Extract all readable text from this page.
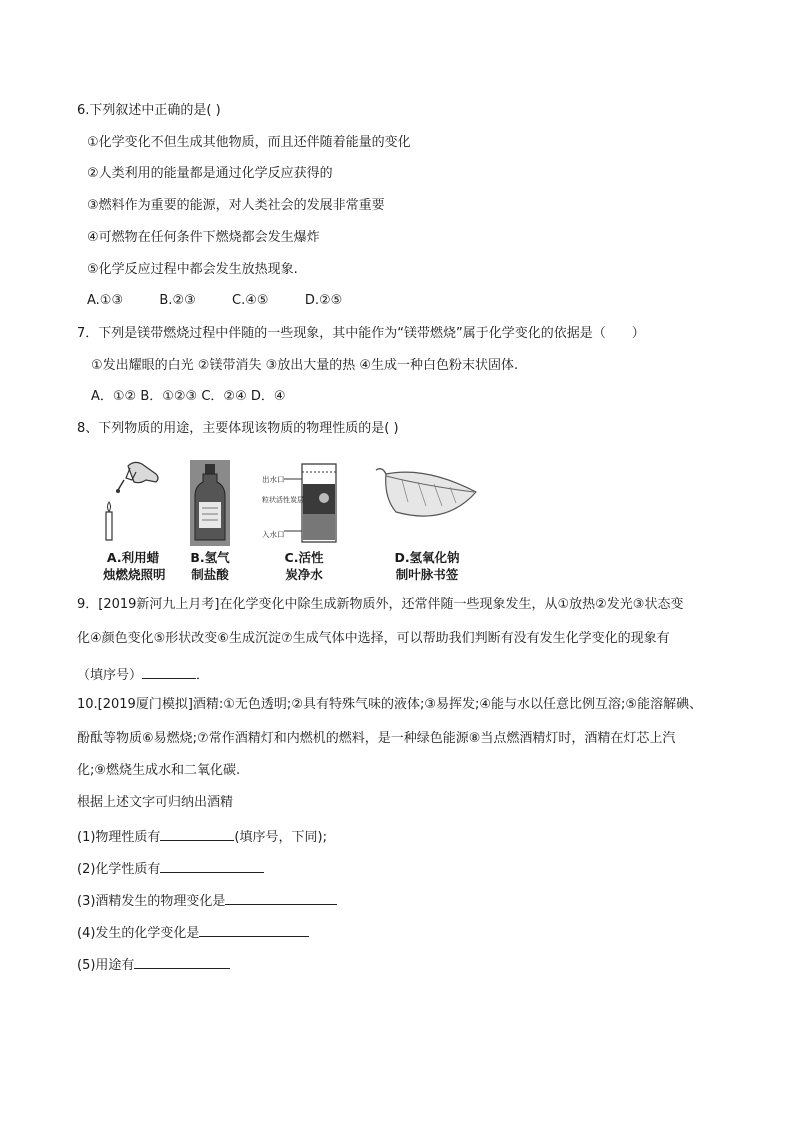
6.下列叙述中正确的是( )
①化学变化不但生成其他物质，而且还伴随着能量的变化
②人类利用的能量都是通过化学反应获得的
③燃料作为重要的能源，对人类社会的发展非常重要
④可燃物在任何条件下燃烧都会发生爆炸
⑤化学反应过程中都会发生放热现象.
A.①③	B.②③	C.④⑤	D.②⑤
7．下列是镁带燃烧过程中伴随的一些现象，其中能作为“镁带燃烧”属于化学变化的依据是（　　）
①发出耀眼的白光 ②镁带消失 ③放出大量的热 ④生成一种白色粉末状固体.
A．①② B．①②③ C．②④ D．④
8、下列物质的用途，主要体现该物质的物理性质的是( )
出水口
粒状活性炭层
入水口
A.利用蜡
烛燃烧照明
B.氢气
制盐酸
C.活性
炭净水
D.氢氧化钠
制叶脉书签
9．[2019新河九上月考]在化学变化中除生成新物质外，还常伴随一些现象发生，从①放热②发光③状态变
化④颜色变化⑤形状改变⑥生成沉淀⑦生成气体中选择，可以帮助我们判断有没有发生化学变化的现象有
（填序号）	．
10.[2019厦门模拟]酒精:①无色透明;②具有特殊气味的液体;③易挥发;④能与水以任意比例互溶;⑤能溶解碘、
酚酞等物质⑥易燃烧;⑦常作酒精灯和内燃机的燃料，是一种绿色能源⑧当点燃酒精灯时，酒精在灯芯上汽
化;⑨燃烧生成水和二氧化碳.
根据上述文字可归纳出酒精
(1)物理性质有	(填序号，下同);
(2)化学性质有
(3)酒精发生的物理变化是
(4)发生的化学变化是
(5)用途有
